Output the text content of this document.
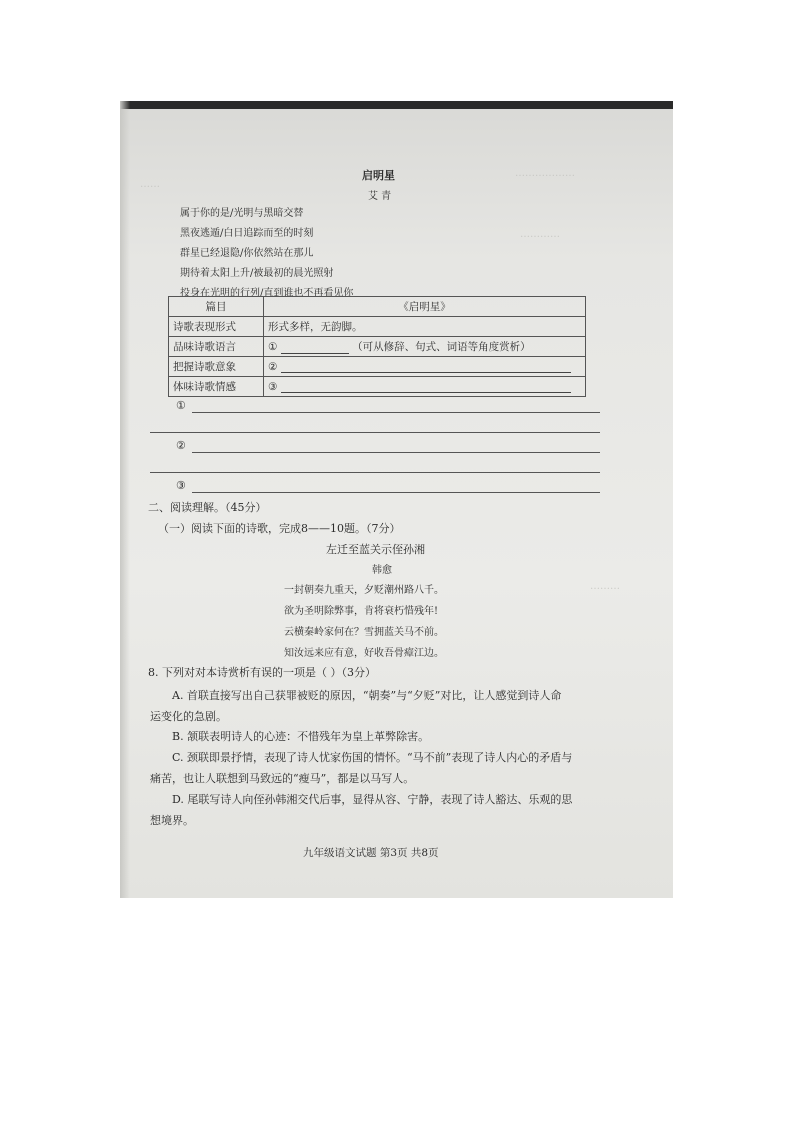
………………
…………
……
………
启明星
艾 青
属于你的是/光明与黑暗交替
黑夜逃遁/白日追踪而至的时刻
群星已经退隐/你依然站在那儿
期待着太阳上升/被最初的晨光照射
投身在光明的行列/直到谁也不再看见你
篇目	《启明星》
诗歌表现形式	形式多样，无韵脚。
品味诗歌语言	① （可从修辞、句式、词语等角度赏析）
把握诗歌意象	②
体味诗歌情感	③
①
②
③
二、阅读理解。（45分）
（一）阅读下面的诗歌，完成8——10题。（7分）
左迁至蓝关示侄孙湘
韩愈
一封朝奏九重天，夕贬潮州路八千。
欲为圣明除弊事，肯将衰朽惜残年!
云横秦岭家何在？雪拥蓝关马不前。
知汝远来应有意，好收吾骨瘴江边。
8. 下列对对本诗赏析有误的一项是（ ）（3分）
A. 首联直接写出自己获罪被贬的原因，“朝奏”与“夕贬”对比，让人感觉到诗人命
运变化的急剧。
B. 颔联表明诗人的心迹：不惜残年为皇上革弊除害。
C. 颈联即景抒情，表现了诗人忧家伤国的情怀。“马不前”表现了诗人内心的矛盾与
痛苦，也让人联想到马致远的“瘦马”，都是以马写人。
D. 尾联写诗人向侄孙韩湘交代后事，显得从容、宁静，表现了诗人豁达、乐观的思
想境界。
九年级语文试题 第3页 共8页
